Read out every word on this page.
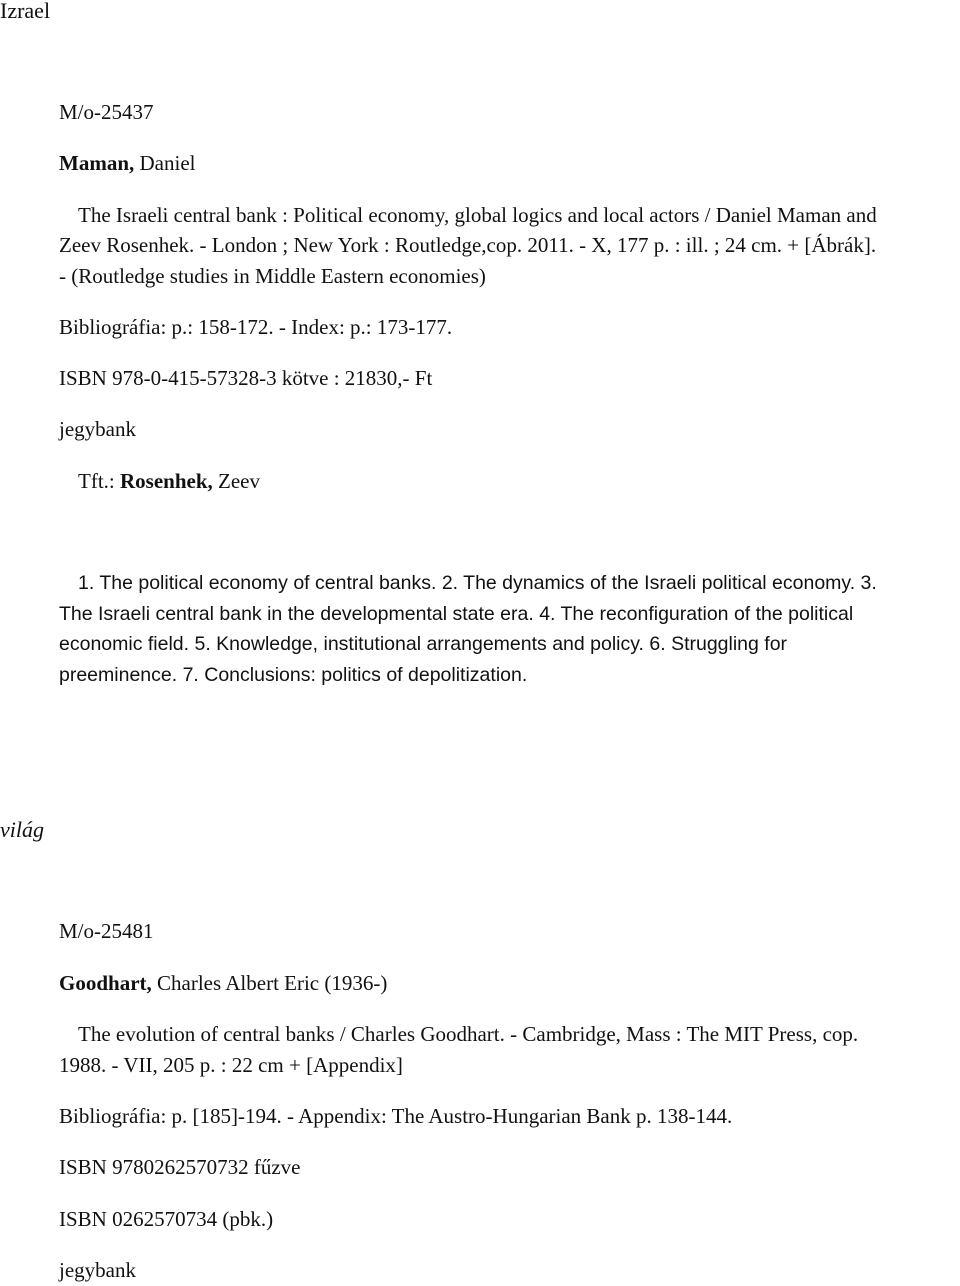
Izrael
M/o-25437
Maman, Daniel
The Israeli central bank : Political economy, global logics and local actors / Daniel Maman and
Zeev Rosenhek. - London ; New York : Routledge,cop. 2011. - X, 177 p. : ill. ; 24 cm. + [Ábrák].
- (Routledge studies in Middle Eastern economies)
Bibliográfia: p.: 158-172. - Index: p.: 173-177.
ISBN 978-0-415-57328-3 kötve : 21830,- Ft
jegybank
Tft.: Rosenhek, Zeev
1. The political economy of central banks. 2. The dynamics of the Israeli political economy. 3.
The Israeli central bank in the developmental state era. 4. The reconfiguration of the political
economic field. 5. Knowledge, institutional arrangements and policy. 6. Struggling for
preeminence. 7. Conclusions: politics of depolitization.
világ
M/o-25481
Goodhart, Charles Albert Eric (1936-)
The evolution of central banks / Charles Goodhart. - Cambridge, Mass : The MIT Press, cop.
1988. - VII, 205 p. : 22 cm + [Appendix]
Bibliográfia: p. [185]-194. - Appendix: The Austro-Hungarian Bank p. 138-144.
ISBN 9780262570732 fűzve
ISBN 0262570734 (pbk.)
jegybank
